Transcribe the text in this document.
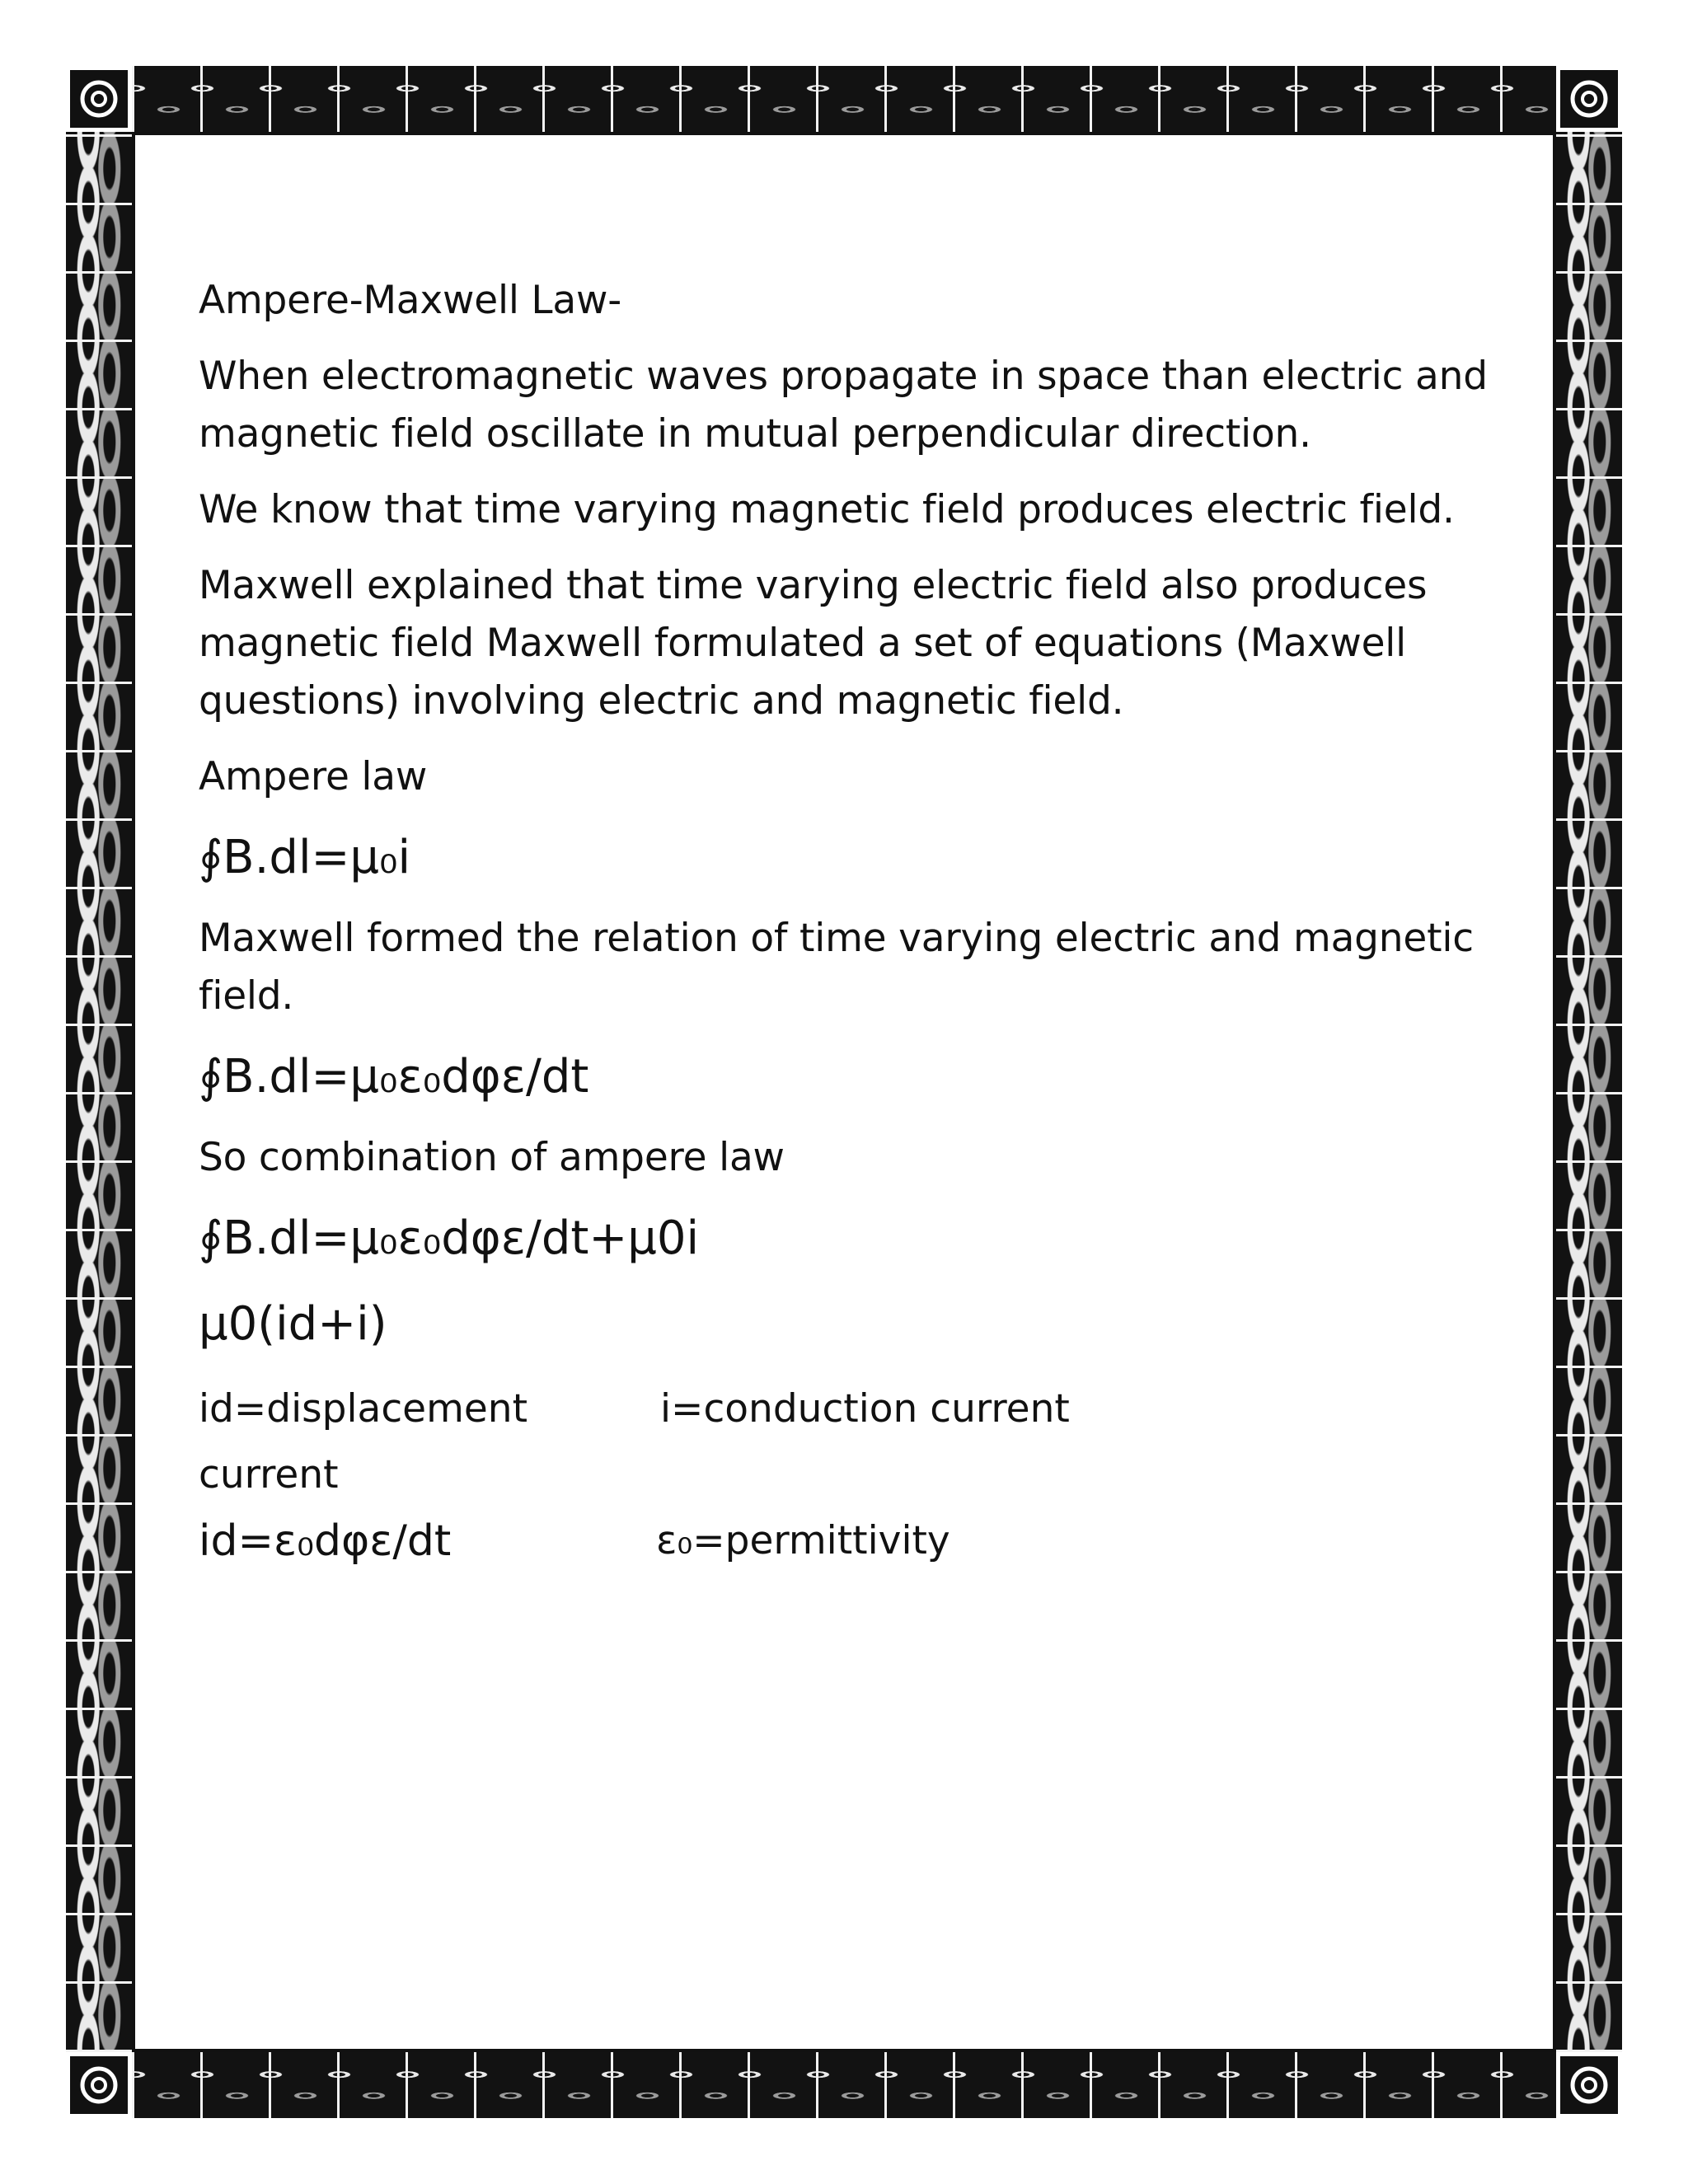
Ampere-Maxwell Law-

When electromagnetic waves propagate in space than electric and magnetic field oscillate in mutual perpendicular direction.

We know that time varying magnetic field produces electric field.

Maxwell explained that time varying electric field also produces magnetic field Maxwell formulated a set of equations (Maxwell questions) involving electric and magnetic field.

Ampere law

∮B.dl=μ₀i

Maxwell formed the relation of time varying electric and magnetic field.

∮B.dl=μ₀ε₀dφε/dt

So combination of ampere law

∮B.dl=μ₀ε₀dφε/dt+μ0i

μ0(id+i)

id=displacement current
i=conduction current
id=ε₀dφε/dt	ε₀=permittivity
